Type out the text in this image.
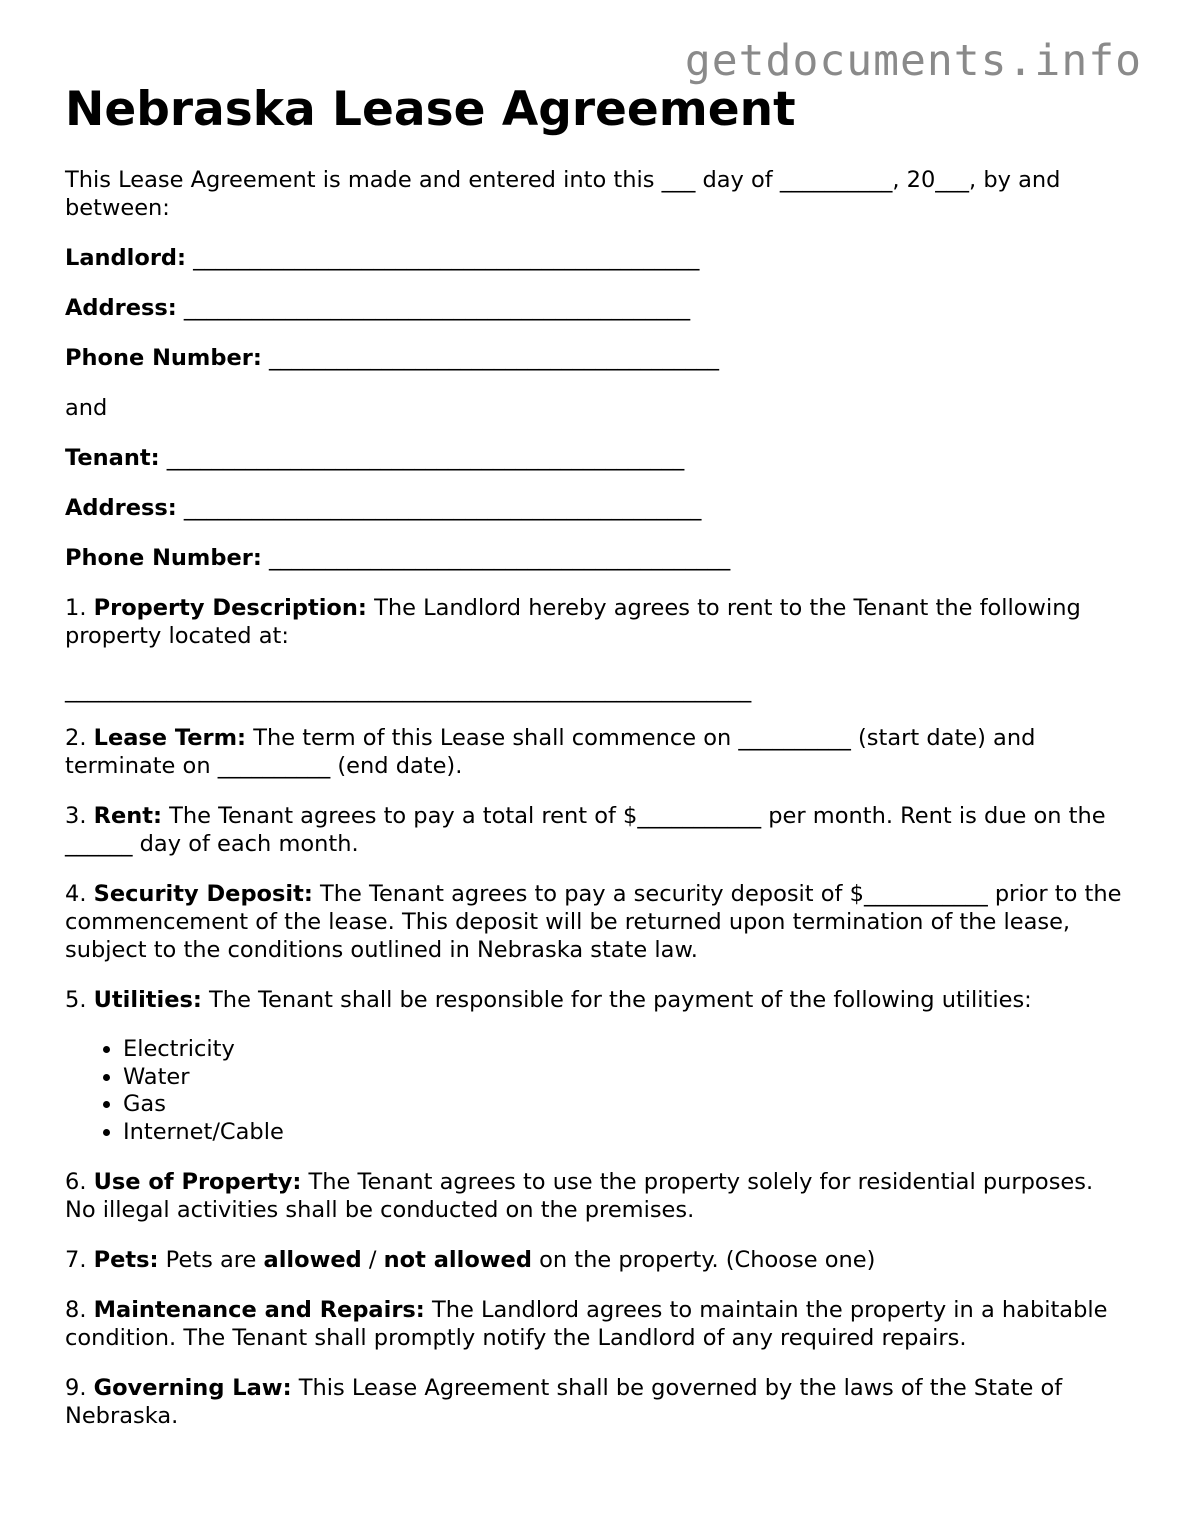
getdocuments.info
Nebraska Lease Agreement

This Lease Agreement is made and entered into this ___ day of __________, 20___, by and between:

Landlord: _____________________________________________
Address: _____________________________________________
Phone Number: ________________________________________

and

Tenant: ______________________________________________
Address: ______________________________________________
Phone Number: _________________________________________

1. Property Description: The Landlord hereby agrees to rent to the Tenant the following property located at:

_____________________________________________________________

2. Lease Term: The term of this Lease shall commence on __________ (start date) and terminate on __________ (end date).

3. Rent: The Tenant agrees to pay a total rent of $___________ per month. Rent is due on the ______ day of each month.

4. Security Deposit: The Tenant agrees to pay a security deposit of $___________ prior to the commencement of the lease. This deposit will be returned upon termination of the lease, subject to the conditions outlined in Nebraska state law.

5. Utilities: The Tenant shall be responsible for the payment of the following utilities:

• Electricity
• Water
• Gas
• Internet/Cable

6. Use of Property: The Tenant agrees to use the property solely for residential purposes. No illegal activities shall be conducted on the premises.

7. Pets: Pets are allowed / not allowed on the property. (Choose one)

8. Maintenance and Repairs: The Landlord agrees to maintain the property in a habitable condition. The Tenant shall promptly notify the Landlord of any required repairs.

9. Governing Law: This Lease Agreement shall be governed by the laws of the State of Nebraska.
